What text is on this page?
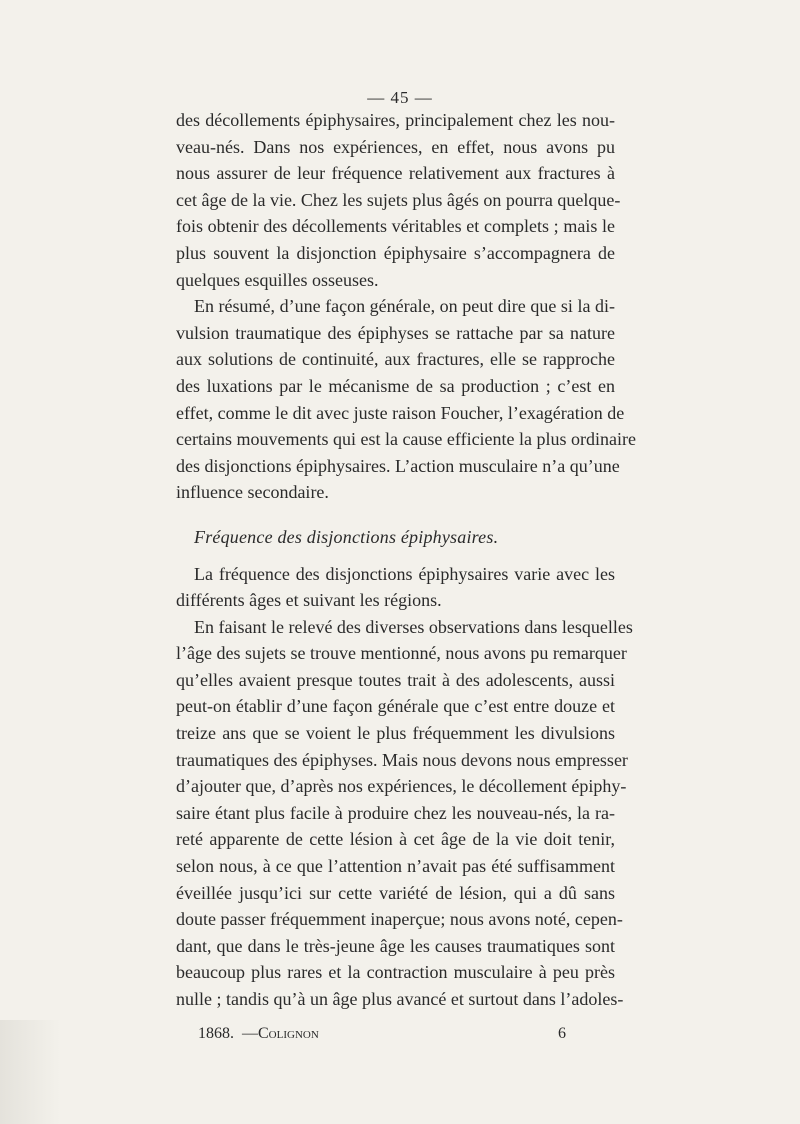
— 45 —
des décollements épiphysaires, principalement chez les nou-
veau-nés. Dans nos expériences, en effet, nous avons pu
nous assurer de leur fréquence relativement aux fractures à
cet âge de la vie. Chez les sujets plus âgés on pourra quelque-
fois obtenir des décollements véritables et complets ; mais le
plus souvent la disjonction épiphysaire s’accompagnera de
quelques esquilles osseuses.
En résumé, d’une façon générale, on peut dire que si la di-
vulsion traumatique des épiphyses se rattache par sa nature
aux solutions de continuité, aux fractures, elle se rapproche
des luxations par le mécanisme de sa production ; c’est en
effet, comme le dit avec juste raison Foucher, l’exagération de
certains mouvements qui est la cause efficiente la plus ordinaire
des disjonctions épiphysaires. L’action musculaire n’a qu’une
influence secondaire.
Fréquence des disjonctions épiphysaires.
La fréquence des disjonctions épiphysaires varie avec les
différents âges et suivant les régions.
En faisant le relevé des diverses observations dans lesquelles
l’âge des sujets se trouve mentionné, nous avons pu remarquer
qu’elles avaient presque toutes trait à des adolescents, aussi
peut-on établir d’une façon générale que c’est entre douze et
treize ans que se voient le plus fréquemment les divulsions
traumatiques des épiphyses. Mais nous devons nous empresser
d’ajouter que, d’après nos expériences, le décollement épiphy-
saire étant plus facile à produire chez les nouveau-nés, la ra-
reté apparente de cette lésion à cet âge de la vie doit tenir,
selon nous, à ce que l’attention n’avait pas été suffisamment
éveillée jusqu’ici sur cette variété de lésion, qui a dû sans
doute passer fréquemment inaperçue; nous avons noté, cepen-
dant, que dans le très-jeune âge les causes traumatiques sont
beaucoup plus rares et la contraction musculaire à peu près
nulle ; tandis qu’à un âge plus avancé et surtout dans l’adoles-
1868. —Colignon	6
